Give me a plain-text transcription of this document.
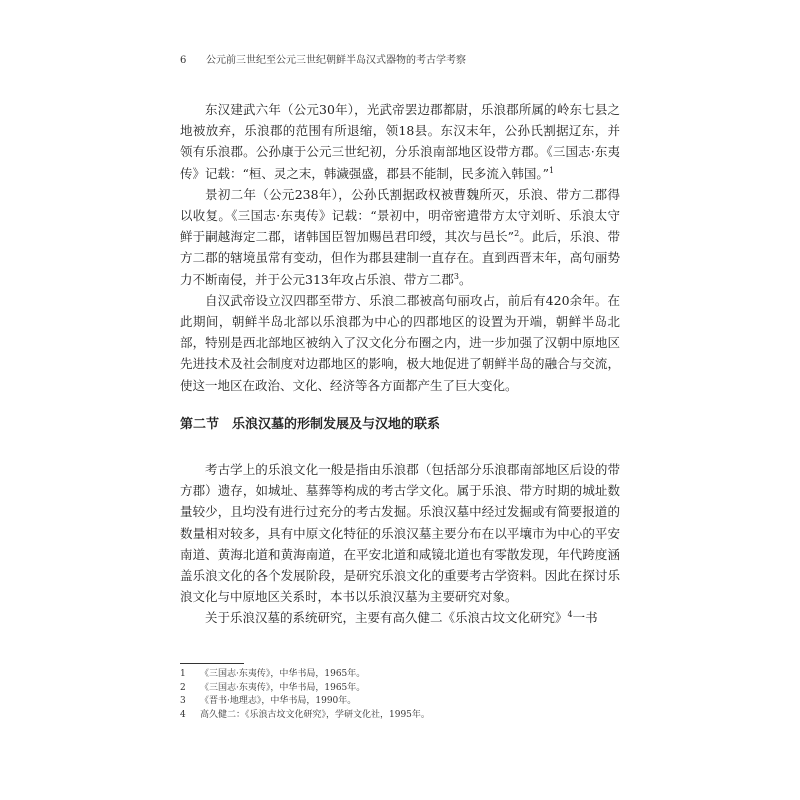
6 公元前三世纪至公元三世纪朝鲜半岛汉式器物的考古学考察

东汉建武六年（公元30年），光武帝罢边郡都尉，乐浪郡所属的岭东七县之地被放弃，乐浪郡的范围有所退缩，领18县。东汉末年，公孙氏割据辽东，并领有乐浪郡。公孙康于公元三世纪初，分乐浪南部地区设带方郡。《三国志·东夷传》记载：“桓、灵之末，韩濊强盛，郡县不能制，民多流入韩国。”$^1$

景初二年（公元238年），公孙氏割据政权被曹魏所灭，乐浪、带方二郡得以收复。《三国志·东夷传》记载：“景初中，明帝密遣带方太守刘昕、乐浪太守鲜于嗣越海定二郡，诸韩国臣智加赐邑君印绶，其次与邑长”$^2$。此后，乐浪、带方二郡的辖境虽常有变动，但作为郡县建制一直存在。直到西晋末年，高句丽势力不断南侵，并于公元313年攻占乐浪、带方二郡$^3$。

自汉武帝设立汉四郡至带方、乐浪二郡被高句丽攻占，前后有420余年。在此期间，朝鲜半岛北部以乐浪郡为中心的四郡地区的设置为开端，朝鲜半岛北部，特别是西北部地区被纳入了汉文化分布圈之内，进一步加强了汉朝中原地区先进技术及社会制度对边郡地区的影响，极大地促进了朝鲜半岛的融合与交流，使这一地区在政治、文化、经济等各方面都产生了巨大变化。

第二节　乐浪汉墓的形制发展及与汉地的联系

考古学上的乐浪文化一般是指由乐浪郡（包括部分乐浪郡南部地区后设的带方郡）遗存，如城址、墓葬等构成的考古学文化。属于乐浪、带方时期的城址数量较少，且均没有进行过充分的考古发掘。乐浪汉墓中经过发掘或有简要报道的数量相对较多，具有中原文化特征的乐浪汉墓主要分布在以平壤市为中心的平安南道、黄海北道和黄海南道，在平安北道和咸镜北道也有零散发现，年代跨度涵盖乐浪文化的各个发展阶段，是研究乐浪文化的重要考古学资料。因此在探讨乐浪文化与中原地区关系时，本书以乐浪汉墓为主要研究对象。

关于乐浪汉墓的系统研究，主要有高久健二《乐浪古坟文化研究》$^4$一书

1 《三国志·东夷传》，中华书局，1965年。
2 《三国志·东夷传》，中华书局，1965年。
3 《晋书·地理志》，中华书局，1990年。
4 高久健二：《乐浪古坟文化研究》，学研文化社，1995年。
